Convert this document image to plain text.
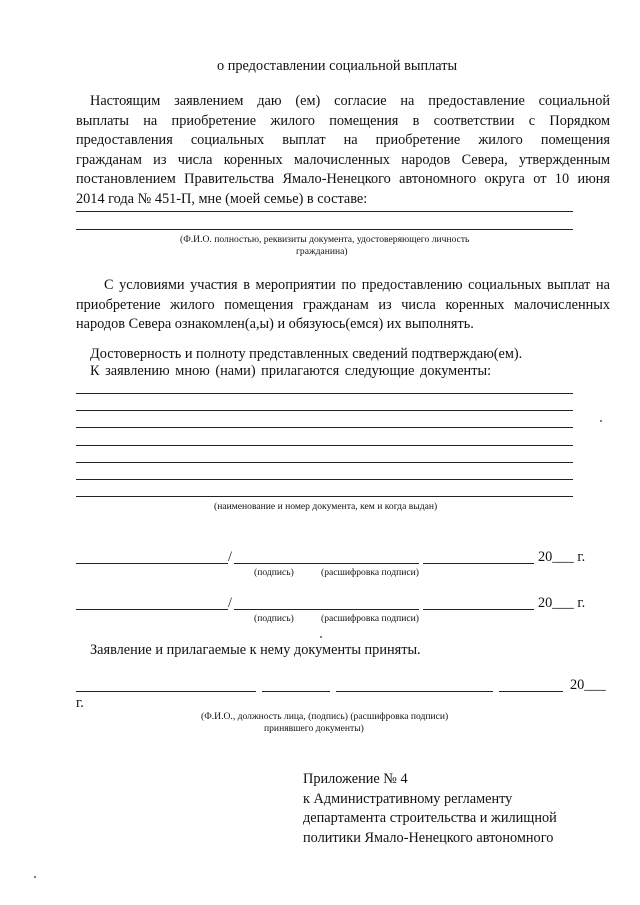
о предоставлении социальной выплаты
Настоящим заявлением даю (ем) согласие на предоставление социальной
выплаты на приобретение жилого помещения в соответствии с Порядком
предоставления социальных выплат на приобретение жилого помещения
гражданам из числа коренных малочисленных народов Севера, утвержденным
постановлением Правительства Ямало-Ненецкого автономного округа от 10 июня
2014 года № 451-П, мне (моей семье) в составе:
(Ф.И.О. полностью, реквизиты документа, удостоверяющего личность
гражданина)
С условиями участия в мероприятии по предоставлению социальных выплат на
приобретение жилого помещения гражданам из числа коренных малочисленных
народов Севера ознакомлен(а,ы) и обязуюсь(емся) их выполнять.
Достоверность и полноту представленных сведений подтверждаю(ем).
К заявлению мною (нами) прилагаются следующие документы:
(наименование и номер документа, кем и когда выдан)
/	20___ г.
(подпись)	(расшифровка подписи)
/	20___ г.
(подпись)	(расшифровка подписи)
Заявление и прилагаемые к нему документы приняты.
20___
г.
(Ф.И.О., должность лица, (подпись) (расшифровка подписи)
принявшего документы)
Приложение № 4
к Административному регламенту
департамента строительства и жилищной
политики Ямало-Ненецкого автономного
